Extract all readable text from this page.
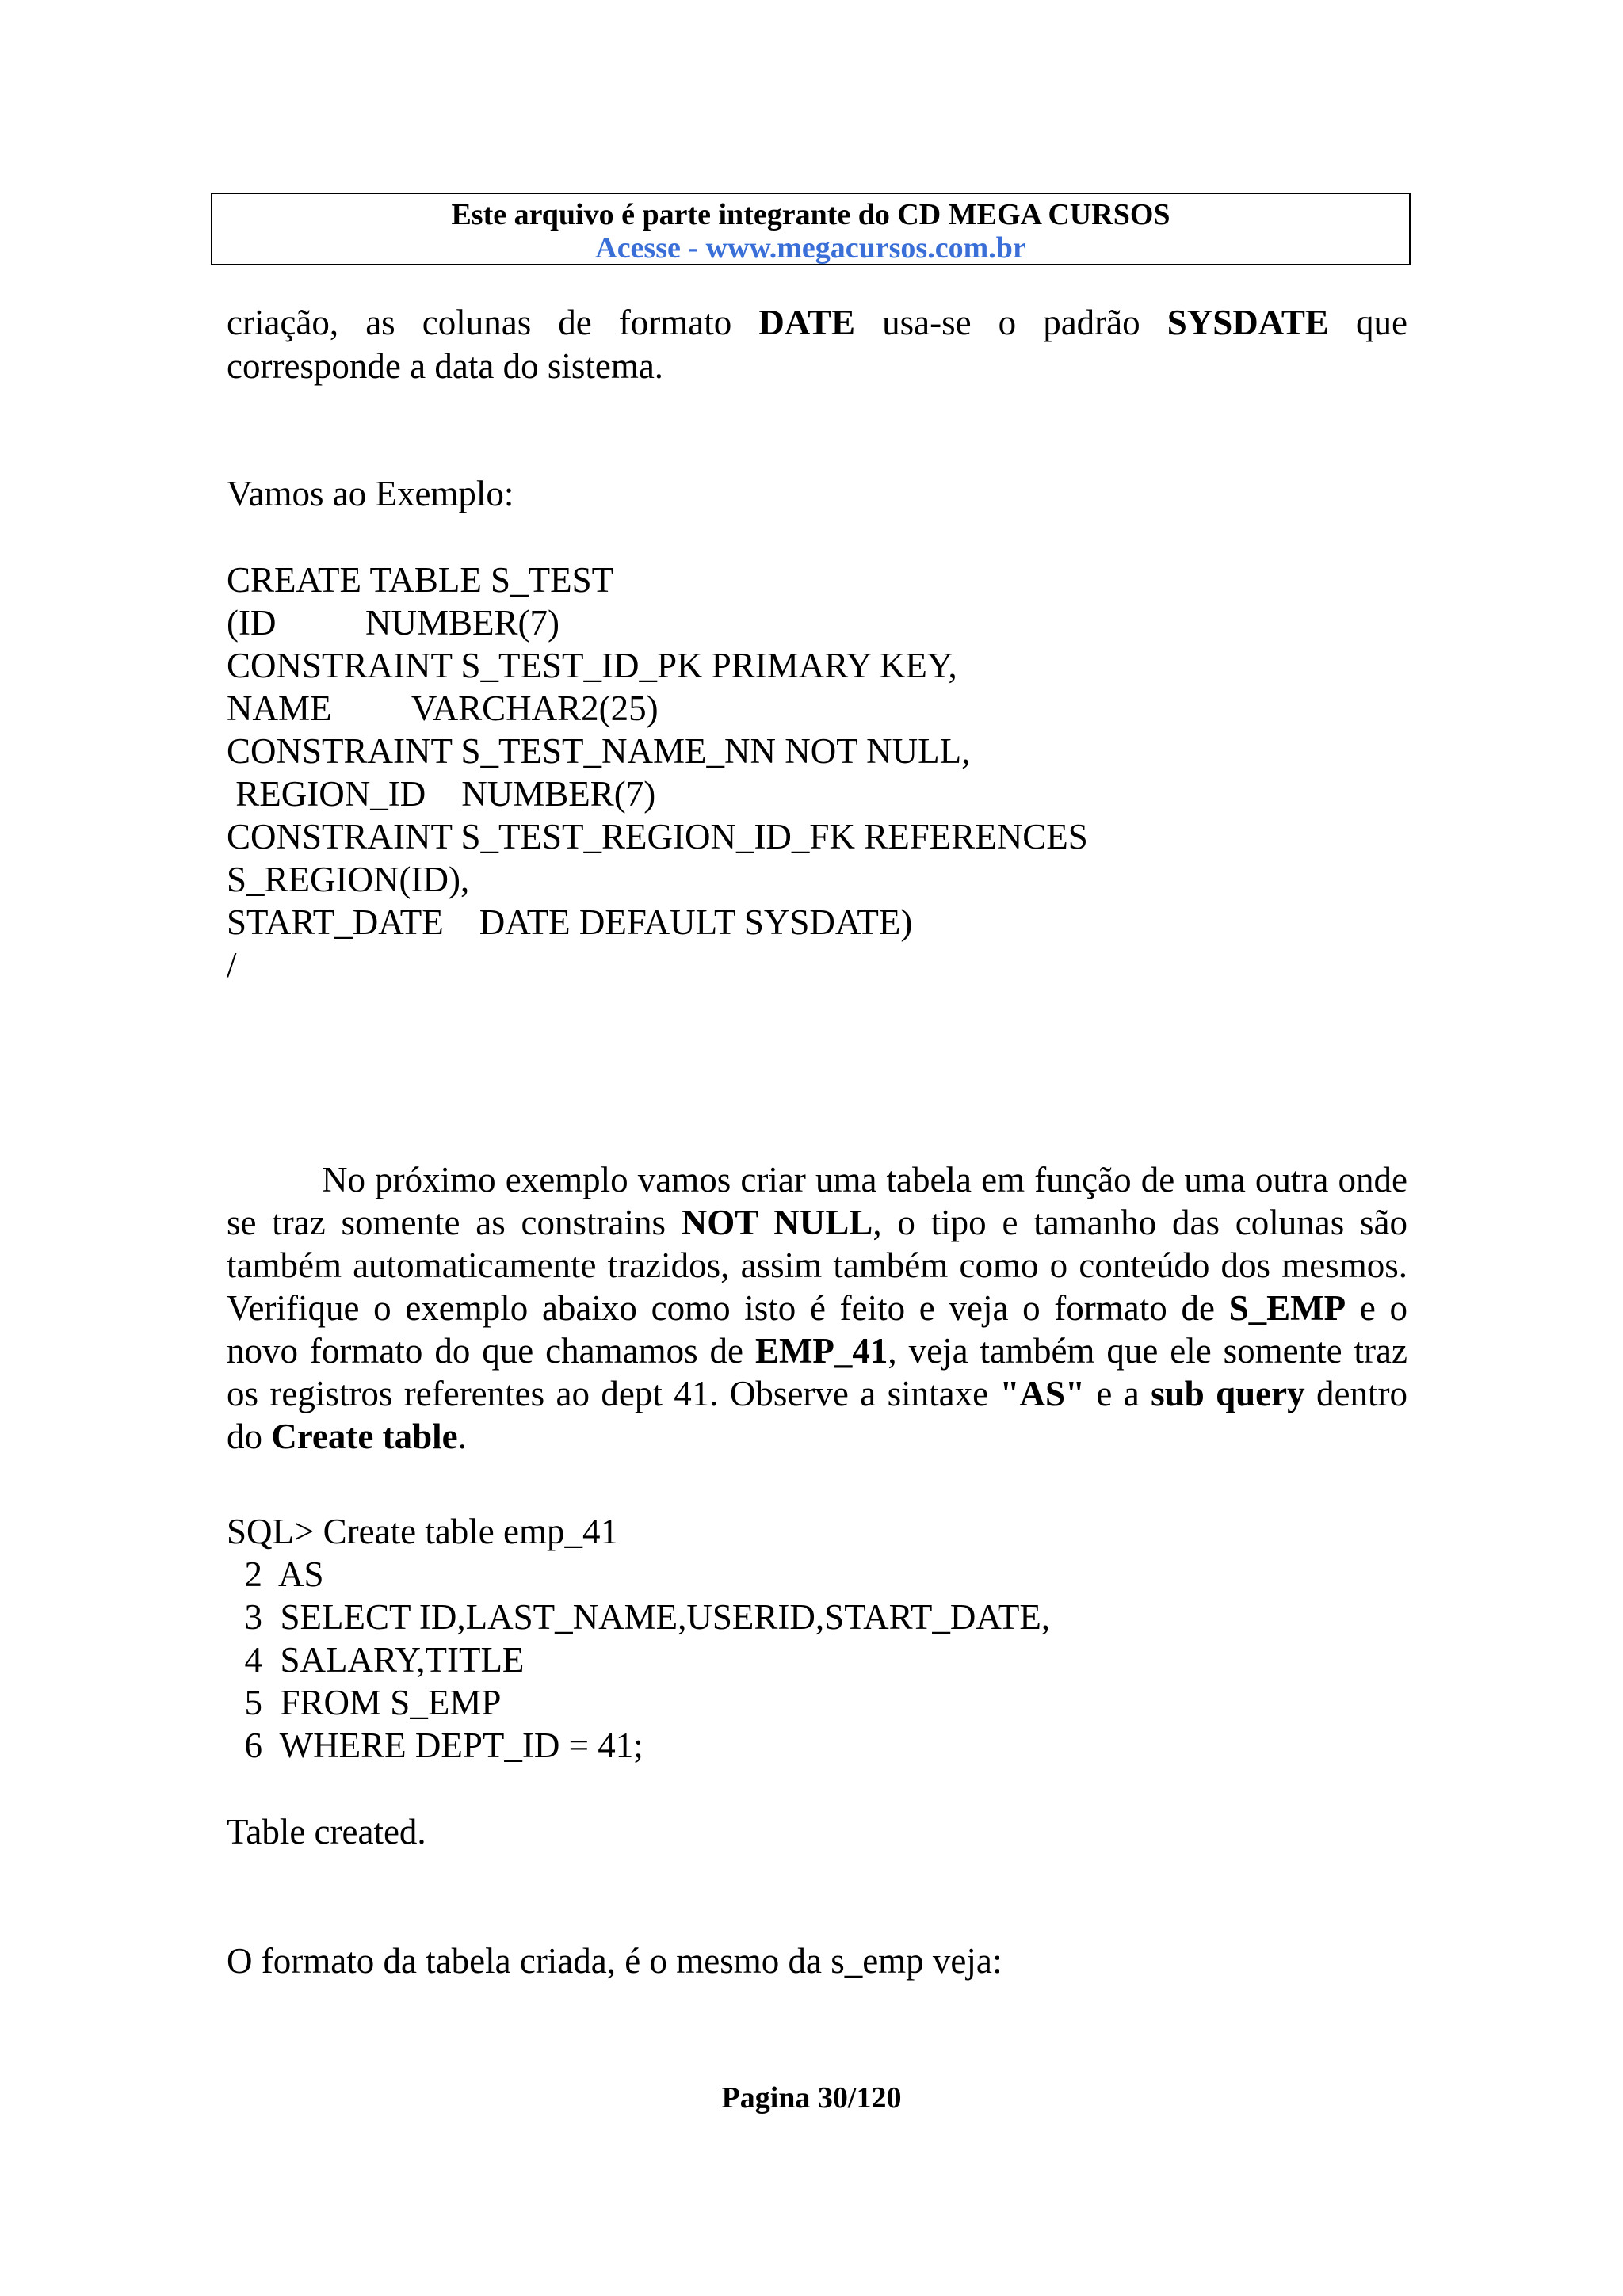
Este arquivo é parte integrante do CD MEGA CURSOS
Acesse - www.megacursos.com.br
criação, as colunas de formato DATE usa-se o padrão SYSDATE que corresponde a data do sistema.
Vamos ao Exemplo:
CREATE TABLE S_TEST
(ID          NUMBER(7)
CONSTRAINT S_TEST_ID_PK PRIMARY KEY,
NAME         VARCHAR2(25)
CONSTRAINT S_TEST_NAME_NN NOT NULL,
REGION_ID    NUMBER(7)
CONSTRAINT S_TEST_REGION_ID_FK REFERENCES
S_REGION(ID),
START_DATE    DATE DEFAULT SYSDATE)
/
No próximo exemplo vamos criar uma tabela em função de uma outra onde se traz somente as constrains NOT NULL, o tipo e tamanho das colunas são também automaticamente trazidos, assim também como o conteúdo dos mesmos. Verifique o exemplo abaixo como isto é feito e veja o formato de S_EMP e o novo formato do que chamamos de EMP_41, veja também que ele somente traz os registros referentes ao dept 41. Observe a sintaxe "AS" e a sub query dentro do Create table.
SQL> Create table emp_41
2  AS
3  SELECT ID,LAST_NAME,USERID,START_DATE,
4  SALARY,TITLE
5  FROM S_EMP
6  WHERE DEPT_ID = 41;
Table created.
O formato da tabela criada, é o mesmo da s_emp veja:
Pagina 30/120
